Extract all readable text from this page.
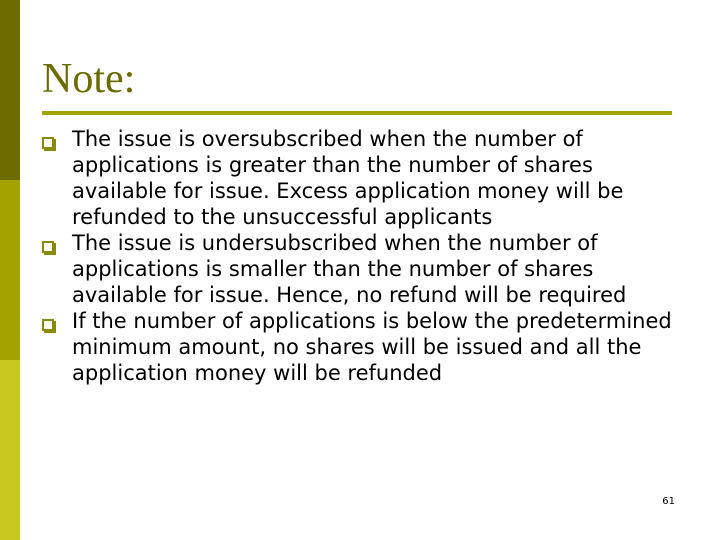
Note:
The issue is oversubscribed when the number of applications is greater than the number of shares available for issue. Excess application money will be refunded to the unsuccessful applicants
The issue is undersubscribed when the number of applications is smaller than the number of shares available for issue. Hence, no refund will be required
If the number of applications is below the predetermined minimum amount, no shares will be issued and all the application money will be refunded
61
